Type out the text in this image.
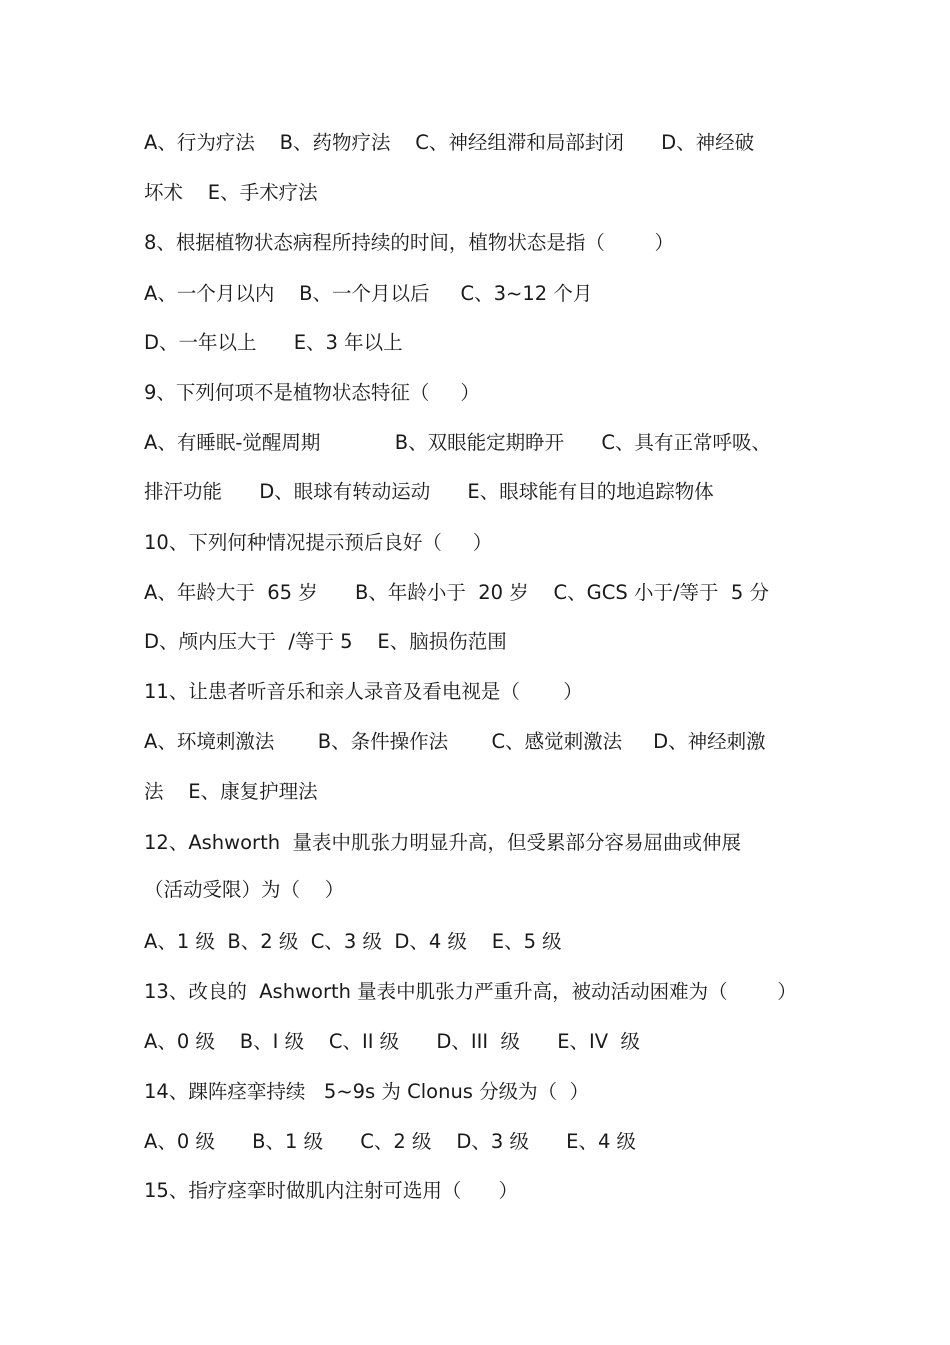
A、行为疗法    B、药物疗法    C、神经组滞和局部封闭      D、神经破
坏术    E、手术疗法
8、根据植物状态病程所持续的时间，植物状态是指（        ）
A、一个月以内    B、一个月以后     C、3~12 个月
D、一年以上      E、3 年以上
9、下列何项不是植物状态特征（     ）
A、有睡眠-觉醒周期            B、双眼能定期睁开      C、具有正常呼吸、
排汗功能      D、眼球有转动运动      E、眼球能有目的地追踪物体
10、下列何种情况提示预后良好（     ）
A、年龄大于  65 岁      B、年龄小于  20 岁    C、GCS 小于/等于  5 分
D、颅内压大于  /等于 5    E、脑损伤范围
11、让患者听音乐和亲人录音及看电视是（       ）
A、环境刺激法       B、条件操作法       C、感觉刺激法     D、神经刺激
法    E、康复护理法
12、Ashworth  量表中肌张力明显升高，但受累部分容易屈曲或伸展
（活动受限）为（    ）
A、1 级  B、2 级  C、3 级  D、4 级    E、5 级
13、改良的  Ashworth 量表中肌张力严重升高，被动活动困难为（        ）
A、0 级    B、I 级    C、II 级      D、III  级      E、IV  级
14、踝阵痉挛持续   5~9s 为 Clonus 分级为（  ）
A、0 级      B、1 级      C、2 级    D、3 级      E、4 级
15、指疗痉挛时做肌内注射可选用（      ）
